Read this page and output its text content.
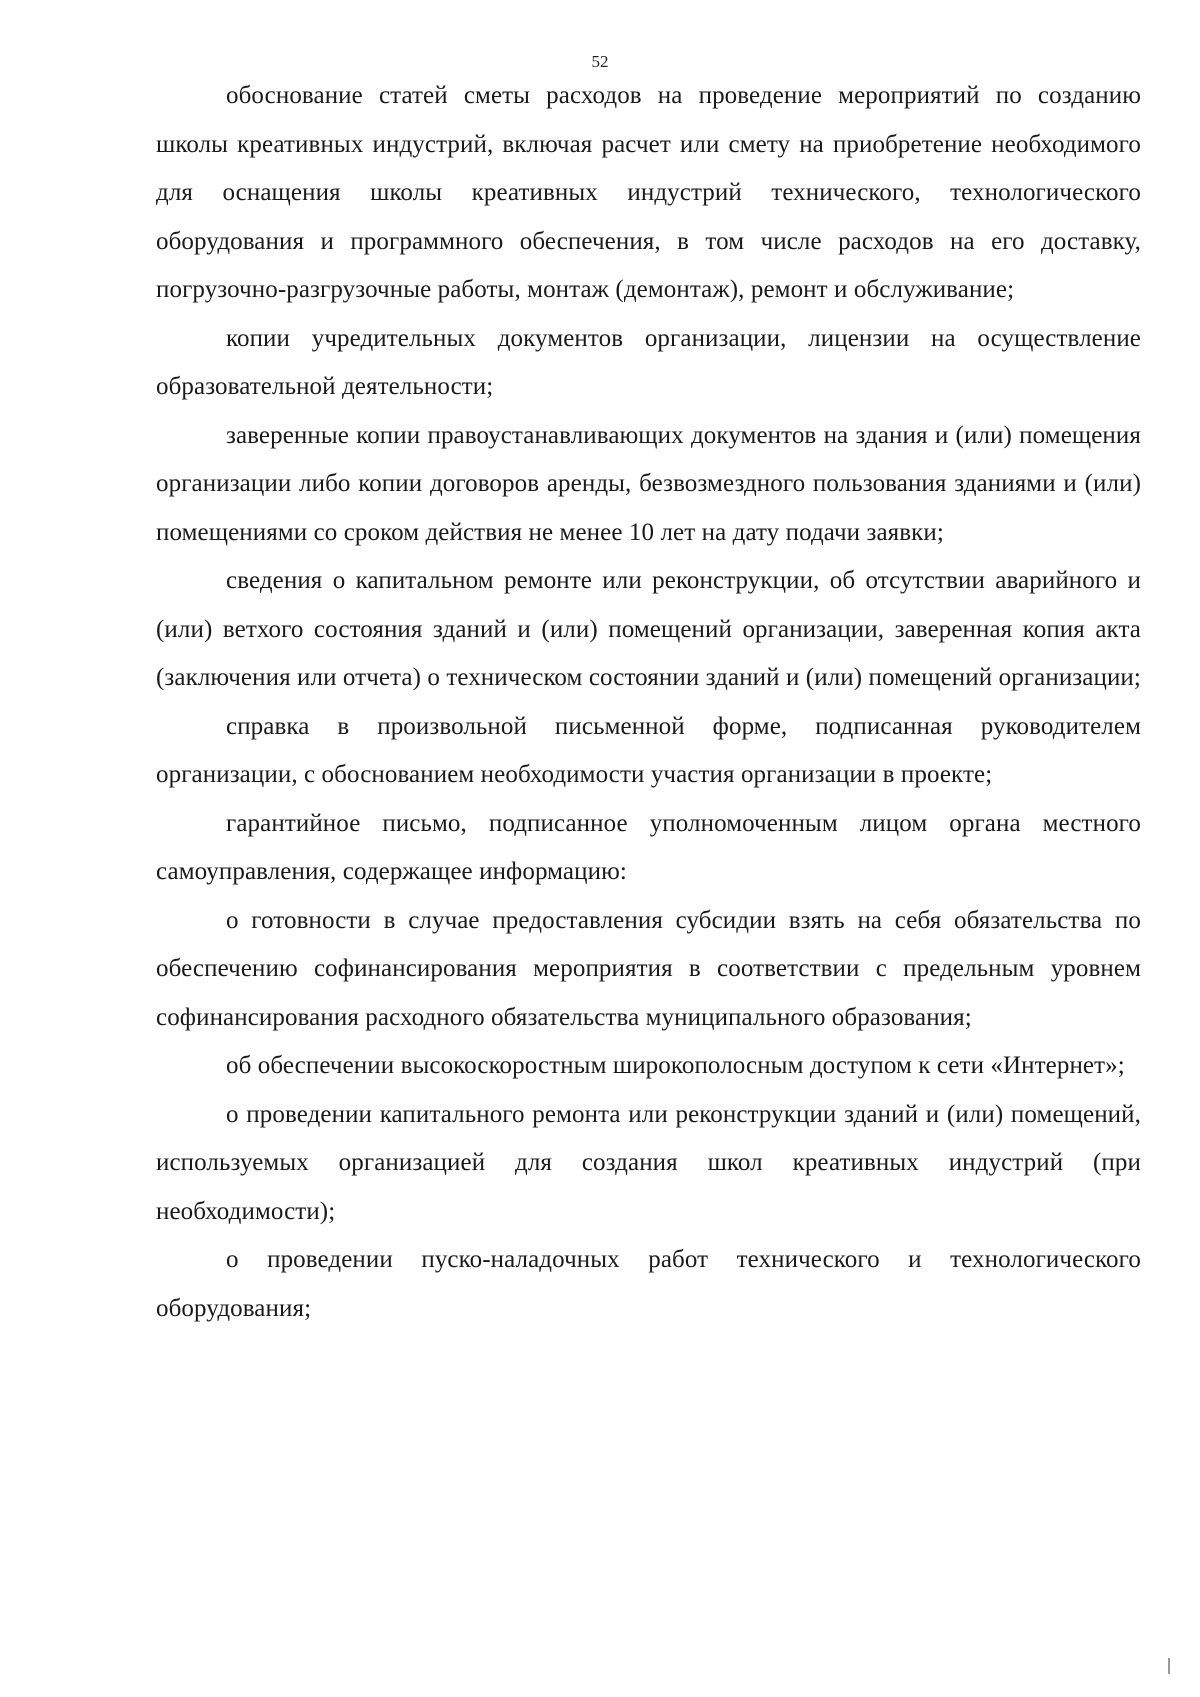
52

обоснование статей сметы расходов на проведение мероприятий по созданию школы креативных индустрий, включая расчет или смету на приобретение необходимого для оснащения школы креативных индустрий технического, технологического оборудования и программного обеспечения, в том числе расходов на его доставку, погрузочно-разгрузочные работы, монтаж (демонтаж), ремонт и обслуживание;

копии учредительных документов организации, лицензии на осуществление образовательной деятельности;

заверенные копии правоустанавливающих документов на здания и (или) помещения организации либо копии договоров аренды, безвозмездного пользования зданиями и (или) помещениями со сроком действия не менее 10 лет на дату подачи заявки;

сведения о капитальном ремонте или реконструкции, об отсутствии аварийного и (или) ветхого состояния зданий и (или) помещений организации, заверенная копия акта (заключения или отчета) о техническом состоянии зданий и (или) помещений организации;

справка в произвольной письменной форме, подписанная руководителем организации, с обоснованием необходимости участия организации в проекте;

гарантийное письмо, подписанное уполномоченным лицом органа местного самоуправления, содержащее информацию:

о готовности в случае предоставления субсидии взять на себя обязательства по обеспечению софинансирования мероприятия в соответствии с предельным уровнем софинансирования расходного обязательства муниципального образования;

об обеспечении высокоскоростным широкополосным доступом к сети «Интернет»;

о проведении капитального ремонта или реконструкции зданий и (или) помещений, используемых организацией для создания школ креативных индустрий (при необходимости);

о проведении пуско-наладочных работ технического и технологического оборудования;
